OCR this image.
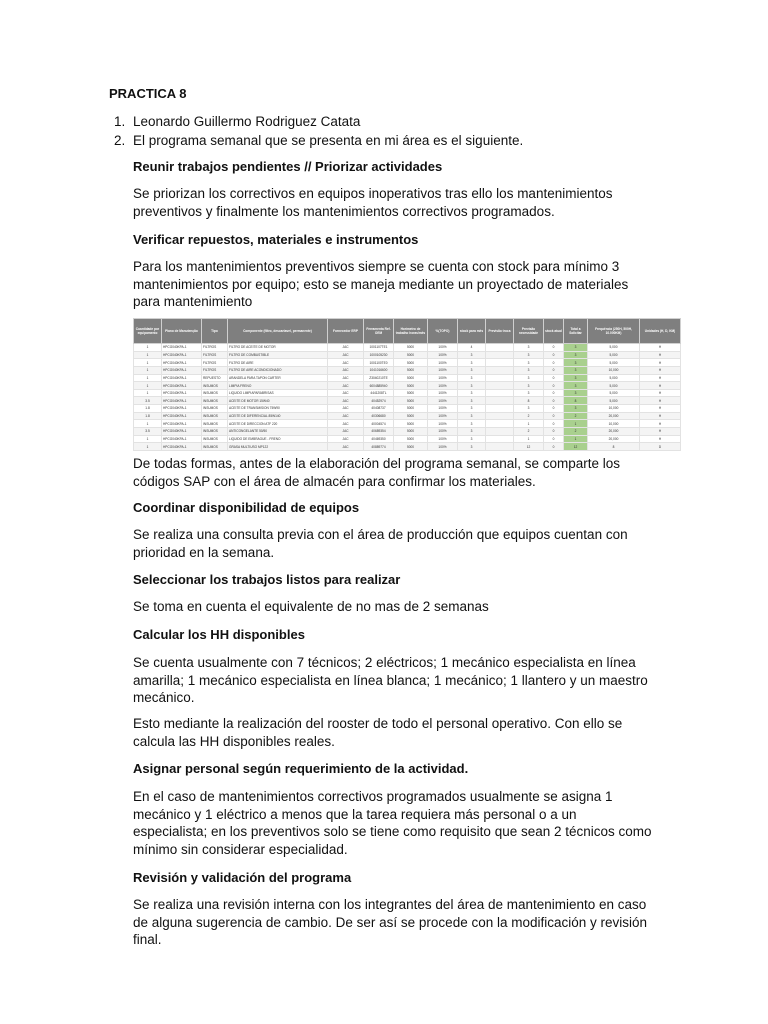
PRACTICA 8
1. Leonardo Guillermo Rodriguez Catata
2. El programa semanal que se presenta en mi área es el siguiente.
Reunir trabajos pendientes // Priorizar actividades

Se priorizan los correctivos en equipos inoperativos tras ello los mantenimientos preventivos y finalmente los mantenimientos correctivos programados.

Verificar repuestos, materiales e instrumentos

Para los mantenimientos preventivos siempre se cuenta con stock para mínimo 3 mantenimientos por equipo; esto se maneja mediante un proyectado de materiales para mantenimiento

Cuantidade por equipamento	Plano de Manutenção	Tipo	Componente (filtro, descartavel, permanente)	Fornecedor ERP	Ferramenta Ref. OEM	Horímetro de trabalho horas/mês	%(TOPO)	stock para mês	Previsão troca	Previsão necessidade	stock atual	Total a Solicitar	Frequência (250H, 500H, 10.000KM)	Unidades (H, D, KM)
1	HPCG040KPA-1	FILTROS	FILTRO DE ACEITE DE MOTOR	JAC	1001107TE1	5000	100%	4		3	0	3	5,000	H
1	HPCG040KPA-1	FILTROS	FILTRO DE COMBUSTIBLE	JAC	1000105230	5000	100%	3		3	0	3	5,000	H
1	HPCG040KPA-1	FILTROS	FILTRO DE AIRE	JAC	1001100TE0	5000	100%	3		3	0	3	5,000	H
1	HPCG040KPA-1	FILTROS	FILTRO DE AIRE ACONDICIONADO	JAC	1041016600	5000	100%	3		3	0	3	10,000	H
1	HPCG040KPA-1	REPUESTO	ARANDELA PARA TAPON CARTER	JAC	Z3040210TE	5000	100%	3		3	0	3	5,000	H
1	HPCG040KPA-1	INSUMOS	LIMPIA FRENO	JAC	6004885940	5000	100%	3		3	0	3	5,000	H
1	HPCG040KPA-1	INSUMOS	LIQUIDO LIMPIAPARABRISAS	JAC	4441208TL	5000	100%	3		3	0	3	5,000	H
3.5	HPCG040KPA-1	INSUMOS	ACEITE DE MOTOR 15W40	JAC	40452974	5000	100%	3		8	0	8	5,000	H
1.8	HPCG040KPA-1	INSUMOS	ACEITE DE TRANSMISION 75W90	JAC	40408737	5000	100%	3		3	0	3	10,000	H
1.8	HPCG040KPA-1	INSUMOS	ACEITE DE DIFERENCIAL 85W140	JAC	40306680	5000	100%	3		2	0	2	20,000	H
1	HPCG040KPA-1	INSUMOS	ACEITE DE DIRECCION ATF 220	JAC	40004574	5000	100%	3		1	0	1	10,000	H
3.5	HPCG040KPA-1	INSUMOS	ANTICONGELANTE 50/50	JAC	40689354	5000	100%	3		2	0	2	20,000	H
1	HPCG040KPA-1	INSUMOS	LIQUIDO DE EMBRAGUE - FRENO	JAC	40469350	5000	100%	3		1	0	1	20,000	H
1	HPCG040KPA-1	INSUMOS	GRASA MULTIUSO MP122	JAC	40889774	5000	100%	3		12	0	12	8	D

De todas formas, antes de la elaboración del programa semanal, se comparte los códigos SAP con el área de almacén para confirmar los materiales.

Coordinar disponibilidad de equipos

Se realiza una consulta previa con el área de producción que equipos cuentan con prioridad en la semana.

Seleccionar los trabajos listos para realizar

Se toma en cuenta el equivalente de no mas de 2 semanas

Calcular los HH disponibles

Se cuenta usualmente con 7 técnicos; 2 eléctricos; 1 mecánico especialista en línea amarilla; 1 mecánico especialista en línea blanca; 1 mecánico; 1 llantero y un maestro mecánico.

Esto mediante la realización del rooster de todo el personal operativo. Con ello se calcula las HH disponibles reales.

Asignar personal según requerimiento de la actividad.

En el caso de mantenimientos correctivos programados usualmente se asigna 1 mecánico y 1 eléctrico a menos que la tarea requiera más personal o a un especialista; en los preventivos solo se tiene como requisito que sean 2 técnicos como mínimo sin considerar especialidad.

Revisión y validación del programa

Se realiza una revisión interna con los integrantes del área de mantenimiento en caso de alguna sugerencia de cambio. De ser así se procede con la modificación y revisión final.
